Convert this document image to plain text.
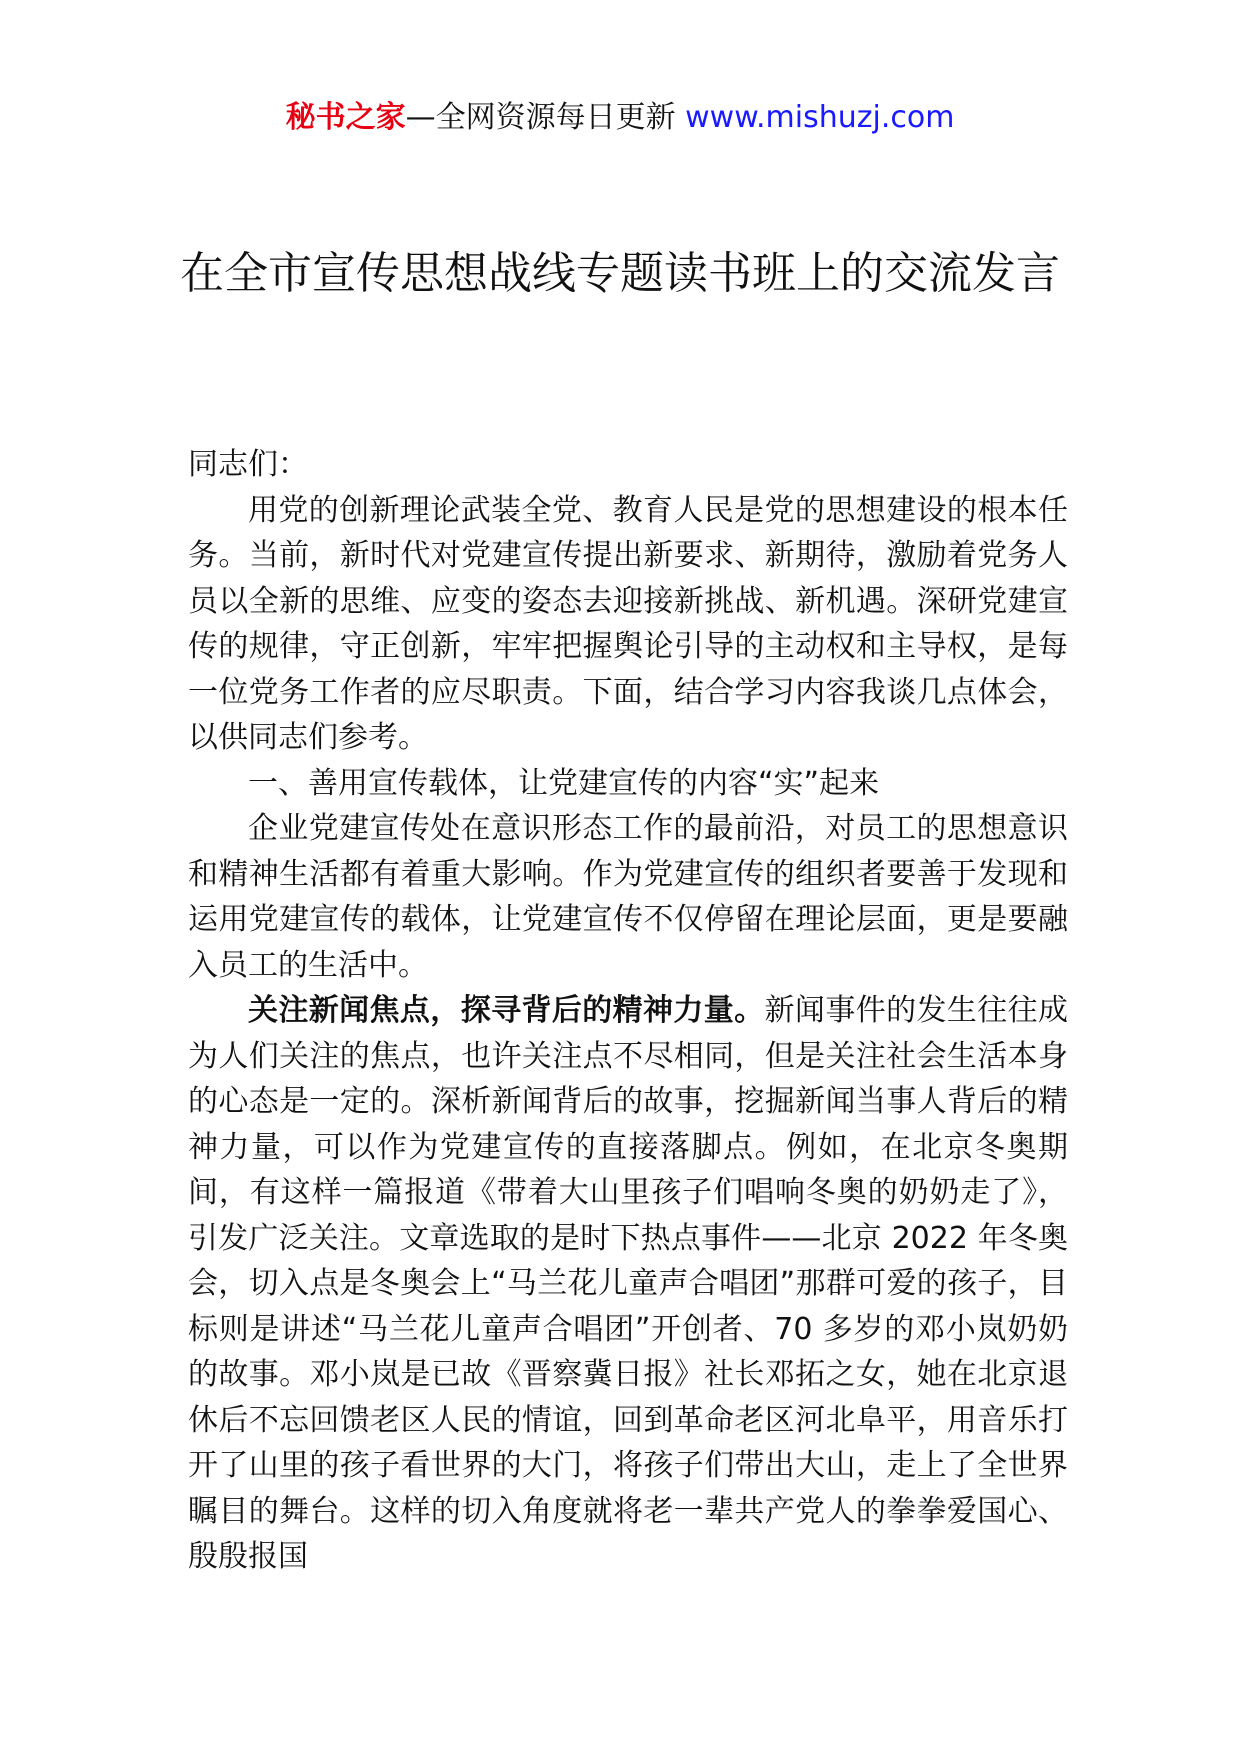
秘书之家—全网资源每日更新 www.mishuzj.com
在全市宣传思想战线专题读书班上的交流发言

同志们：

用党的创新理论武装全党、教育人民是党的思想建设的根本任务。当前，新时代对党建宣传提出新要求、新期待，激励着党务人员以全新的思维、应变的姿态去迎接新挑战、新机遇。深研党建宣传的规律，守正创新，牢牢把握舆论引导的主动权和主导权，是每一位党务工作者的应尽职责。下面，结合学习内容我谈几点体会，以供同志们参考。

一、善用宣传载体，让党建宣传的内容“实”起来

企业党建宣传处在意识形态工作的最前沿，对员工的思想意识和精神生活都有着重大影响。作为党建宣传的组织者要善于发现和运用党建宣传的载体，让党建宣传不仅停留在理论层面，更是要融入员工的生活中。

关注新闻焦点，探寻背后的精神力量。新闻事件的发生往往成为人们关注的焦点，也许关注点不尽相同，但是关注社会生活本身的心态是一定的。深析新闻背后的故事，挖掘新闻当事人背后的精神力量，可以作为党建宣传的直接落脚点。例如，在北京冬奥期间，有这样一篇报道《带着大山里孩子们唱响冬奥的奶奶走了》，引发广泛关注。文章选取的是时下热点事件——北京 2022 年冬奥会，切入点是冬奥会上“马兰花儿童声合唱团”那群可爱的孩子，目标则是讲述“马兰花儿童声合唱团”开创者、70 多岁的邓小岚奶奶的故事。邓小岚是已故《晋察冀日报》社长邓拓之女，她在北京退休后不忘回馈老区人民的情谊，回到革命老区河北阜平，用音乐打开了山里的孩子看世界的大门，将孩子们带出大山，走上了全世界瞩目的舞台。这样的切入角度就将老一辈共产党人的拳拳爱国心、殷殷报国
